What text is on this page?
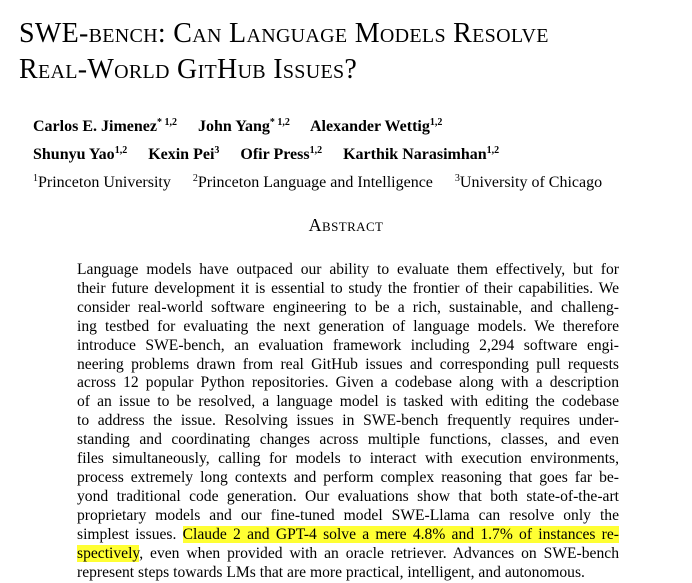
SWE-bench: Can Language Models Resolve
Real-World GitHub Issues?
Carlos E. Jimenez$^{* 1,2}$ John Yang$^{* 1,2}$ Alexander Wettig$^{1,2}$
Shunyu Yao$^{1,2}$ Kexin Pei$^3$ Ofir Press$^{1,2}$ Karthik Narasimhan$^{1,2}$
$^1$Princeton University $^2$Princeton Language and Intelligence $^3$University of Chicago
Abstract
Language models have outpaced our ability to evaluate them effectively, but for
their future development it is essential to study the frontier of their capabilities. We
consider real-world software engineering to be a rich, sustainable, and challeng-
ing testbed for evaluating the next generation of language models. We therefore
introduce SWE-bench, an evaluation framework including 2,294 software engi-
neering problems drawn from real GitHub issues and corresponding pull requests
across 12 popular Python repositories. Given a codebase along with a description
of an issue to be resolved, a language model is tasked with editing the codebase
to address the issue. Resolving issues in SWE-bench frequently requires under-
standing and coordinating changes across multiple functions, classes, and even
files simultaneously, calling for models to interact with execution environments,
process extremely long contexts and perform complex reasoning that goes far be-
yond traditional code generation. Our evaluations show that both state-of-the-art
proprietary models and our fine-tuned model SWE-Llama can resolve only the
simplest issues. Claude 2 and GPT-4 solve a mere 4.8% and 1.7% of instances re-
spectively, even when provided with an oracle retriever. Advances on SWE-bench
represent steps towards LMs that are more practical, intelligent, and autonomous.
